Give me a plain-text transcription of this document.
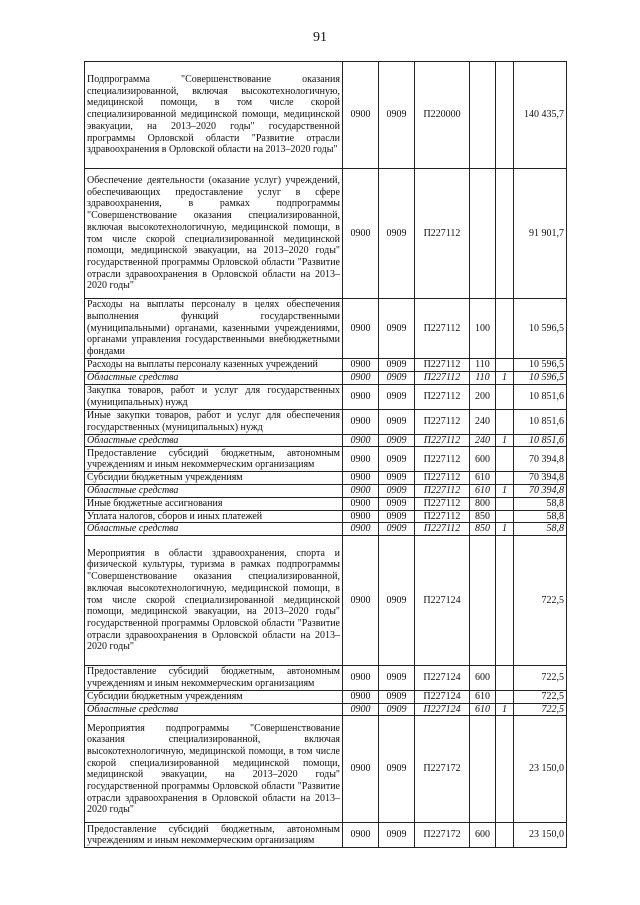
91
Подпрограмма "Совершенствование оказания специализированной, включая высокотехнологичную, медицинской помощи, в том числе скорой специализированной медицинской помощи, медицинской эвакуации, на 2013–2020 годы" государственной программы Орловской области "Развитие отрасли здравоохранения в Орловской области на 2013–2020 годы"	0900	0909	П220000			140 435,7
Обеспечение деятельности (оказание услуг) учреждений, обеспечивающих предоставление услуг в сфере здравоохранения, в рамках подпрограммы "Совершенствование оказания специализированной, включая высокотехнологичную, медицинской помощи, в том числе скорой специализированной медицинской помощи, медицинской эвакуации, на 2013–2020 годы" государственной программы Орловской области "Развитие отрасли здравоохранения в Орловской области на 2013–2020 годы"	0900	0909	П227112			91 901,7
Расходы на выплаты персоналу в целях обеспечения выполнения функций государственными (муниципальными) органами, казенными учреждениями, органами управления государственными внебюджетными фондами	0900	0909	П227112	100		10 596,5
Расходы на выплаты персоналу казенных учреждений	0900	0909	П227112	110		10 596,5
Областные средства	0900	0909	П227112	110	1	10 596,5
Закупка товаров, работ и услуг для государственных (муниципальных) нужд	0900	0909	П227112	200		10 851,6
Иные закупки товаров, работ и услуг для обеспечения государственных (муниципальных) нужд	0900	0909	П227112	240		10 851,6
Областные средства	0900	0909	П227112	240	1	10 851,6
Предоставление субсидий бюджетным, автономным учреждениям и иным некоммерческим организациям	0900	0909	П227112	600		70 394,8
Субсидии бюджетным учреждениям	0900	0909	П227112	610		70 394,8
Областные средства	0900	0909	П227112	610	1	70 394,8
Иные бюджетные ассигнования	0900	0909	П227112	800		58,8
Уплата налогов, сборов и иных платежей	0900	0909	П227112	850		58,8
Областные средства	0900	0909	П227112	850	1	58,8
Мероприятия в области здравоохранения, спорта и физической культуры, туризма в рамках подпрограммы "Совершенствование оказания специализированной, включая высокотехнологичную, медицинской помощи, в том числе скорой специализированной медицинской помощи, медицинской эвакуации, на 2013–2020 годы" государственной программы Орловской области "Развитие отрасли здравоохранения в Орловской области на 2013–2020 годы"	0900	0909	П227124			722,5
Предоставление субсидий бюджетным, автономным учреждениям и иным некоммерческим организациям	0900	0909	П227124	600		722,5
Субсидии бюджетным учреждениям	0900	0909	П227124	610		722,5
Областные средства	0900	0909	П227124	610	1	722,5
Мероприятия подпрограммы "Совершенствование оказания специализированной, включая высокотехнологичную, медицинской помощи, в том числе скорой специализированной медицинской помощи, медицинской эвакуации, на 2013–2020 годы" государственной программы Орловской области "Развитие отрасли здравоохранения в Орловской области на 2013–2020 годы"	0900	0909	П227172			23 150,0
Предоставление субсидий бюджетным, автономным учреждениям и иным некоммерческим организациям	0900	0909	П227172	600		23 150,0
